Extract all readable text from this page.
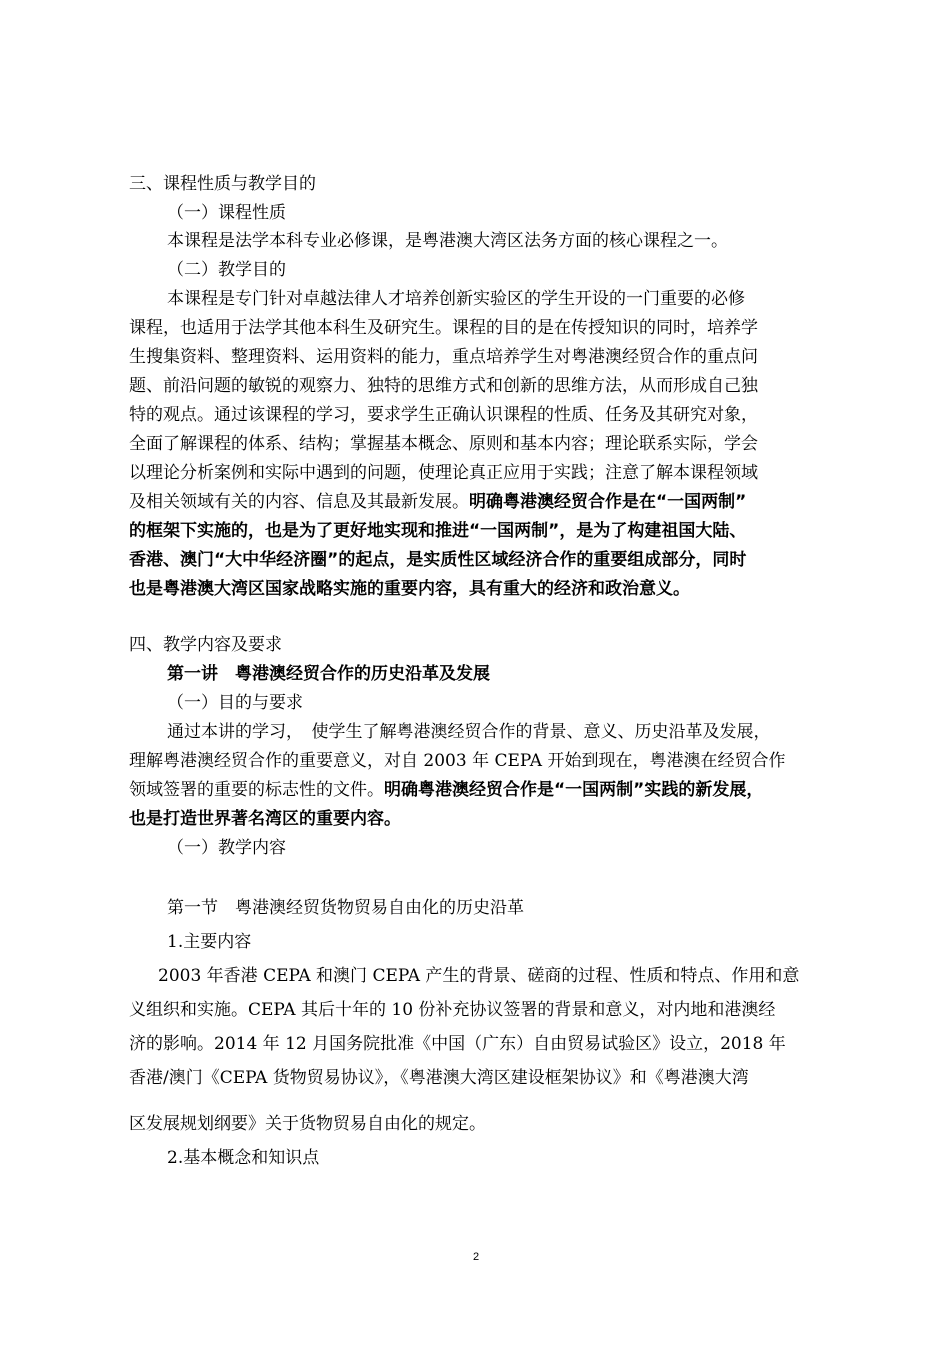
三、课程性质与教学目的
（一）课程性质
本课程是法学本科专业必修课，是粤港澳大湾区法务方面的核心课程之一。
（二）教学目的
本课程是专门针对卓越法律人才培养创新实验区的学生开设的一门重要的必修
课程，也适用于法学其他本科生及研究生。课程的目的是在传授知识的同时，培养学
生搜集资料、整理资料、运用资料的能力，重点培养学生对粤港澳经贸合作的重点问
题、前沿问题的敏锐的观察力、独特的思维方式和创新的思维方法，从而形成自己独
特的观点。通过该课程的学习，要求学生正确认识课程的性质、任务及其研究对象，
全面了解课程的体系、结构；掌握基本概念、原则和基本内容；理论联系实际，学会
以理论分析案例和实际中遇到的问题，使理论真正应用于实践；注意了解本课程领域
及相关领域有关的内容、信息及其最新发展。明确粤港澳经贸合作是在“一国两制”
的框架下实施的，也是为了更好地实现和推进“一国两制”，是为了构建祖国大陆、
香港、澳门“大中华经济圈”的起点，是实质性区域经济合作的重要组成部分，同时
也是粤港澳大湾区国家战略实施的重要内容，具有重大的经济和政治意义。
四、教学内容及要求
第一讲　粤港澳经贸合作的历史沿革及发展
（一）目的与要求
通过本讲的学习，　使学生了解粤港澳经贸合作的背景、意义、历史沿革及发展，
理解粤港澳经贸合作的重要意义，对自 2003 年 CEPA 开始到现在，粤港澳在经贸合作
领域签署的重要的标志性的文件。明确粤港澳经贸合作是“一国两制”实践的新发展，
也是打造世界著名湾区的重要内容。
（一）教学内容
第一节　粤港澳经贸货物贸易自由化的历史沿革
1.主要内容
2003 年香港 CEPA 和澳门 CEPA 产生的背景、磋商的过程、性质和特点、作用和意
义组织和实施。CEPA 其后十年的 10 份补充协议签署的背景和意义，对内地和港澳经
济的影响。2014 年 12 月国务院批准《中国（广东）自由贸易试验区》设立，2018 年
香港/澳门《CEPA 货物贸易协议》，《粤港澳大湾区建设框架协议》和《粤港澳大湾
区发展规划纲要》关于货物贸易自由化的规定。
2.基本概念和知识点
2
